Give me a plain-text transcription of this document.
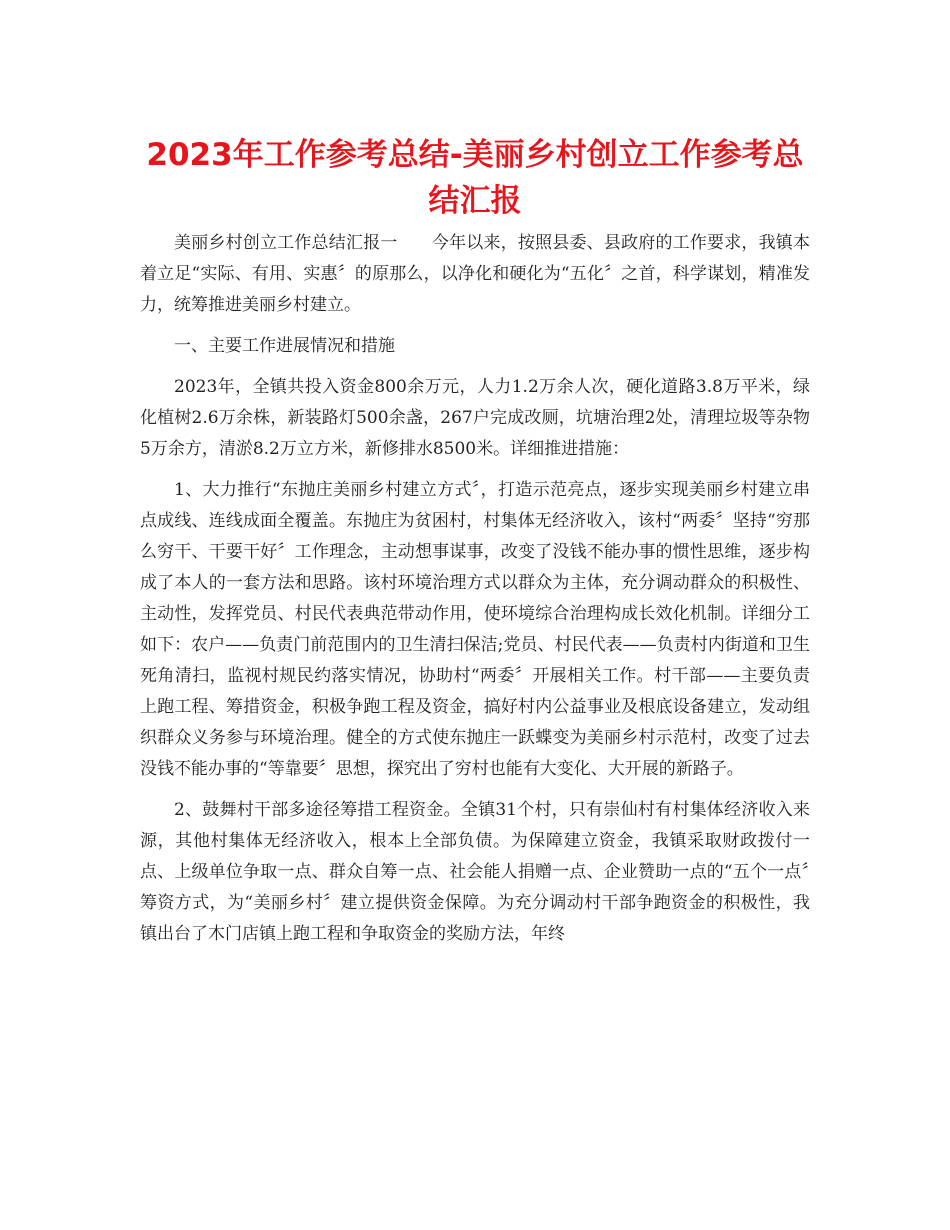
2023年工作参考总结-美丽乡村创立工作参考总结汇报

美丽乡村创立工作总结汇报一　　今年以来，按照县委、县政府的工作要求，我镇本着立足“实际、有用、实惠〞的原那么，以净化和硬化为“五化〞之首，科学谋划，精准发力，统筹推进美丽乡村建立。

一、主要工作进展情况和措施

2023年，全镇共投入资金800余万元，人力1.2万余人次，硬化道路3.8万平米，绿化植树2.6万余株，新装路灯500余盏，267户完成改厕，坑塘治理2处，清理垃圾等杂物5万余方，清淤8.2万立方米，新修排水8500米。详细推进措施：

1、大力推行“东抛庄美丽乡村建立方式〞，打造示范亮点，逐步实现美丽乡村建立串点成线、连线成面全覆盖。东抛庄为贫困村，村集体无经济收入，该村“两委〞坚持“穷那么穷干、干要干好〞工作理念，主动想事谋事，改变了没钱不能办事的惯性思维，逐步构成了本人的一套方法和思路。该村环境治理方式以群众为主体，充分调动群众的积极性、主动性，发挥党员、村民代表典范带动作用，使环境综合治理构成长效化机制。详细分工如下：农户——负责门前范围内的卫生清扫保洁;党员、村民代表——负责村内街道和卫生死角清扫，监视村规民约落实情况，协助村“两委〞开展相关工作。村干部——主要负责上跑工程、筹措资金，积极争跑工程及资金，搞好村内公益事业及根底设备建立，发动组织群众义务参与环境治理。健全的方式使东抛庄一跃蝶变为美丽乡村示范村，改变了过去没钱不能办事的“等靠要〞思想，探究出了穷村也能有大变化、大开展的新路子。

2、鼓舞村干部多途径筹措工程资金。全镇31个村，只有崇仙村有村集体经济收入来源，其他村集体无经济收入，根本上全部负债。为保障建立资金，我镇采取财政拨付一点、上级单位争取一点、群众自筹一点、社会能人捐赠一点、企业赞助一点的“五个一点〞筹资方式，为“美丽乡村〞建立提供资金保障。为充分调动村干部争跑资金的积极性，我镇出台了木门店镇上跑工程和争取资金的奖励方法，年终
